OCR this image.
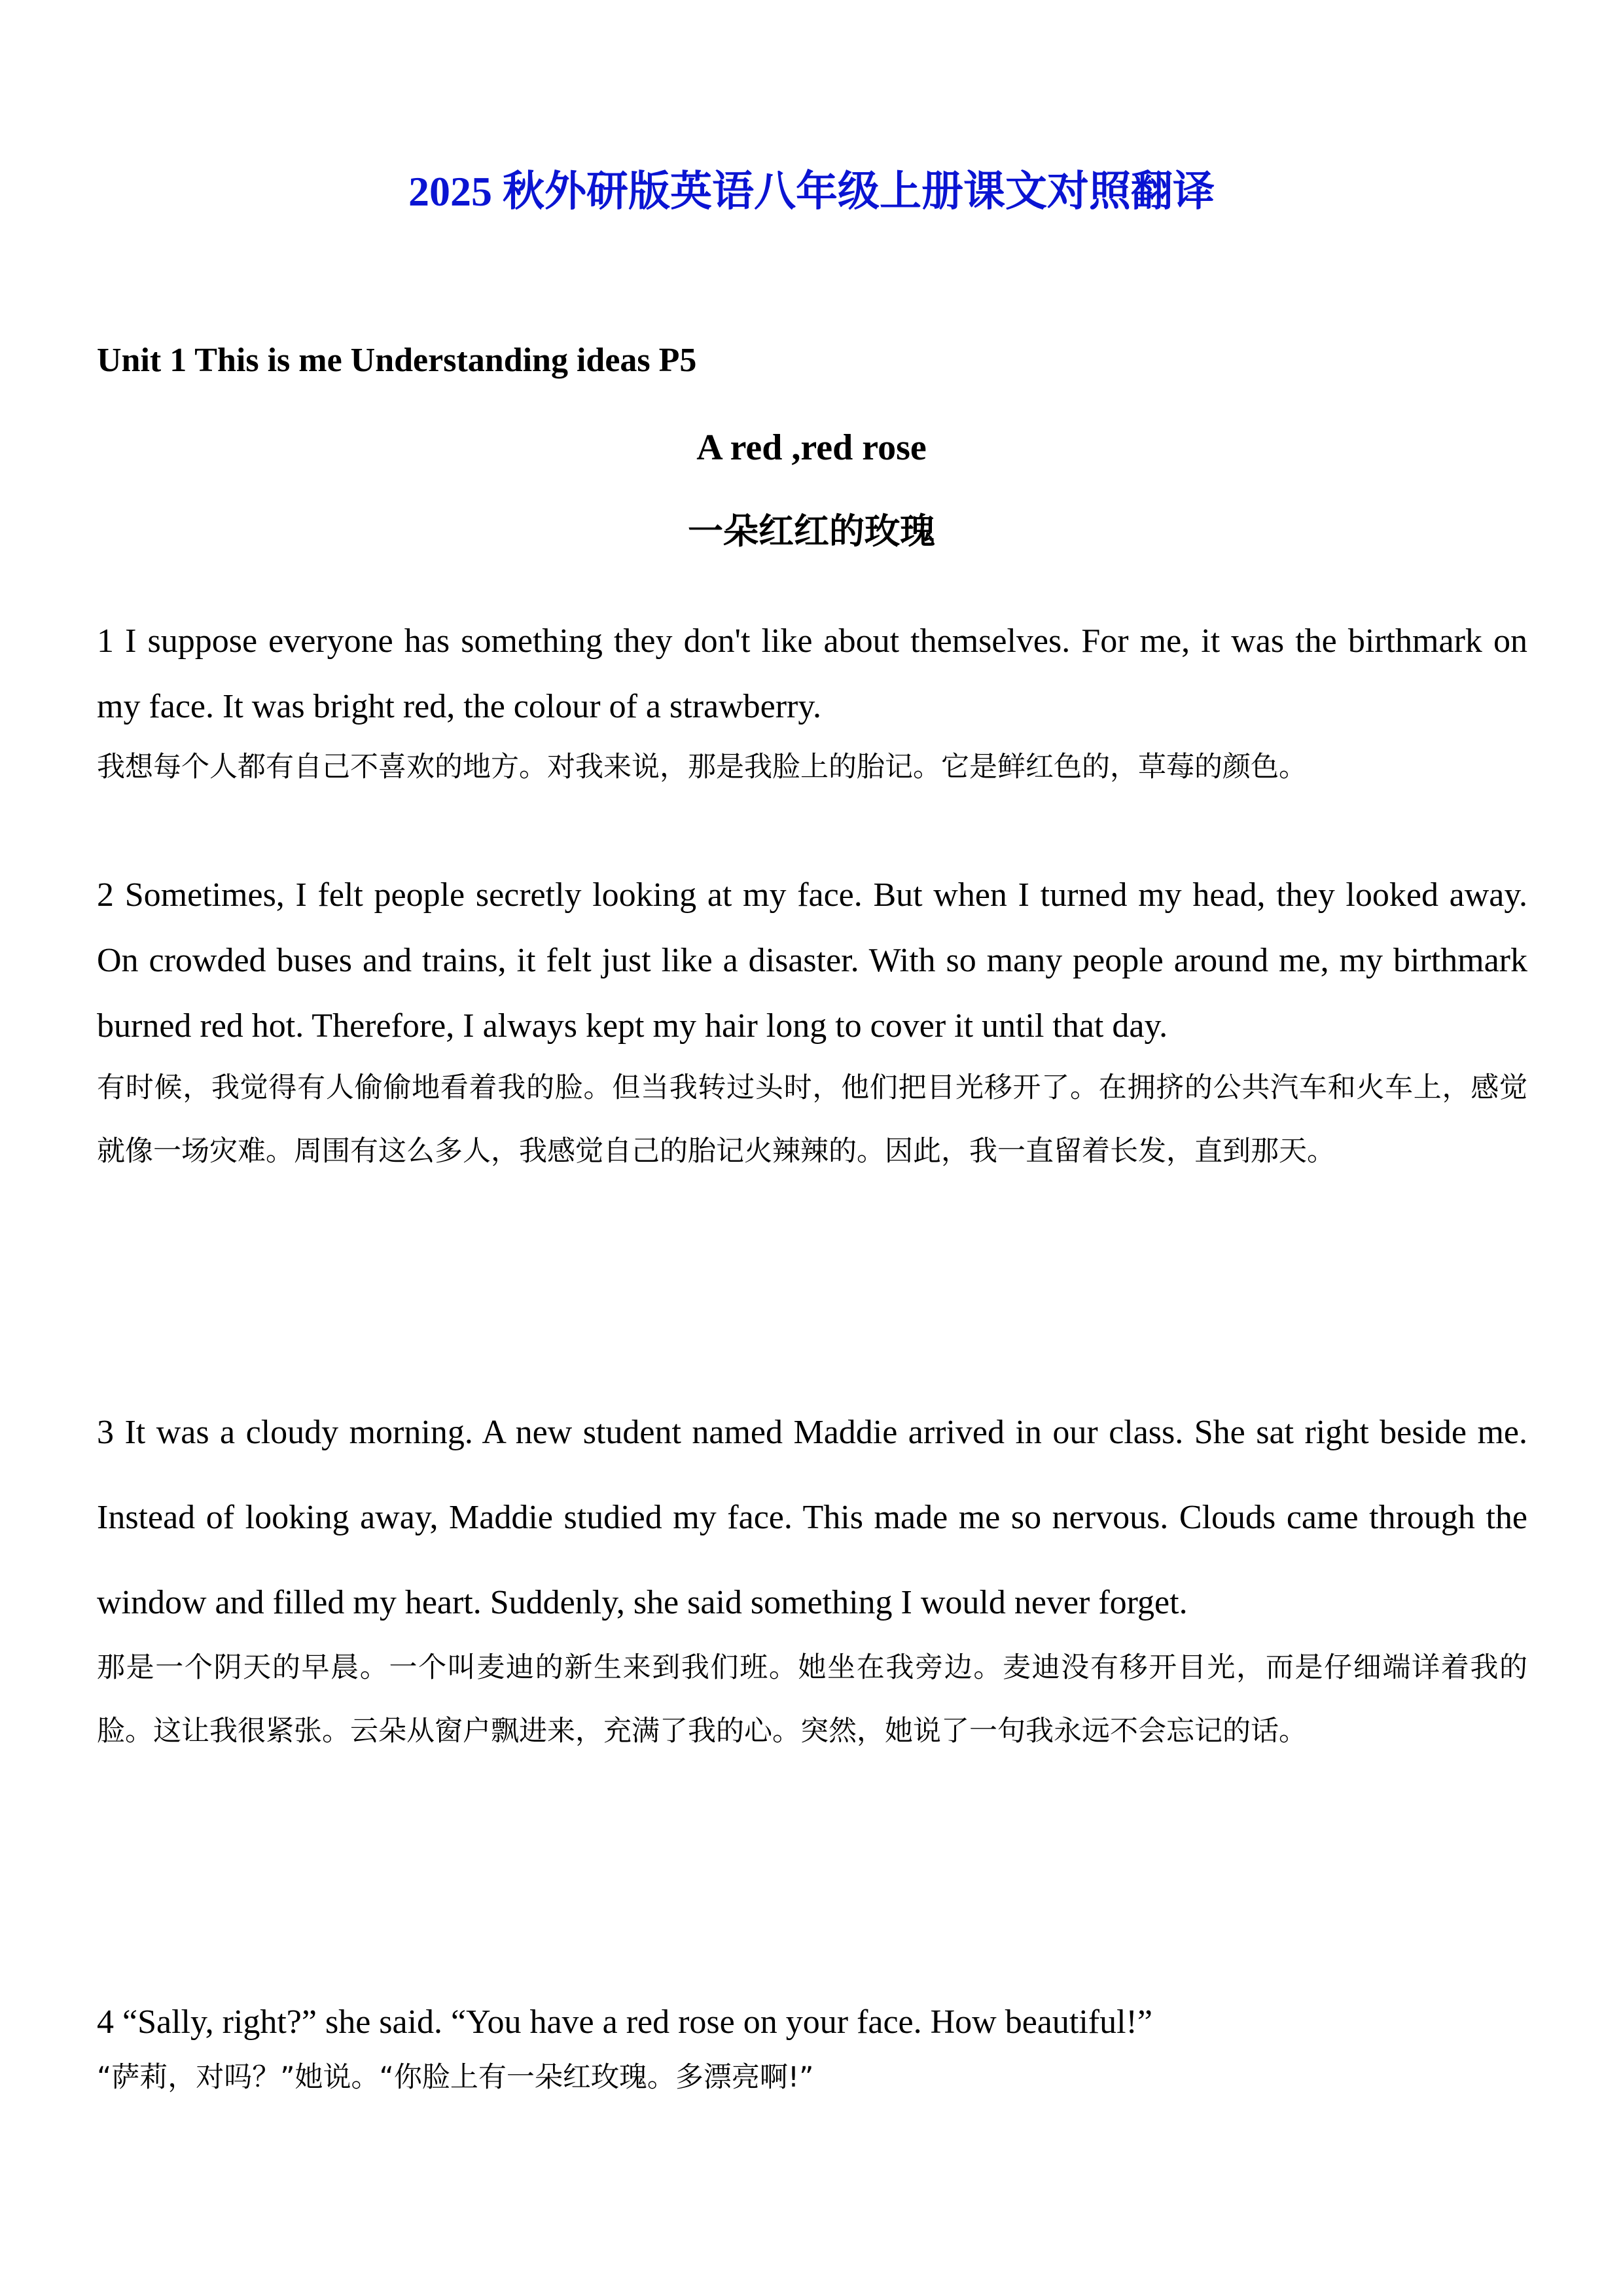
2025 秋外研版英语八年级上册课文对照翻译
Unit 1 This is me Understanding ideas P5
A red ,red rose
一朵红红的玫瑰

1 I suppose everyone has something they don't like about themselves. For me, it was the birthmark on my face. It was bright red, the colour of a strawberry.

我想每个人都有自己不喜欢的地方。对我来说，那是我脸上的胎记。它是鲜红色的，草莓的颜色。

2 Sometimes, I felt people secretly looking at my face. But when I turned my head, they looked away. On crowded buses and trains, it felt just like a disaster. With so many people around me, my birthmark burned red hot. Therefore, I always kept my hair long to cover it until that day.

有时候，我觉得有人偷偷地看着我的脸。但当我转过头时，他们把目光移开了。在拥挤的公共汽车和火车上，感觉就像一场灾难。周围有这么多人，我感觉自己的胎记火辣辣的。因此，我一直留着长发，直到那天。

3 It was a cloudy morning. A new student named Maddie arrived in our class. She sat right beside me. Instead of looking away, Maddie studied my face. This made me so nervous. Clouds came through the window and filled my heart. Suddenly, she said something I would never forget.

那是一个阴天的早晨。一个叫麦迪的新生来到我们班。她坐在我旁边。麦迪没有移开目光，而是仔细端详着我的脸。这让我很紧张。云朵从窗户飘进来，充满了我的心。突然，她说了一句我永远不会忘记的话。

4 “Sally, right?” she said. “You have a red rose on your face. How beautiful!”

“萨莉，对吗？”她说。“你脸上有一朵红玫瑰。多漂亮啊!”
